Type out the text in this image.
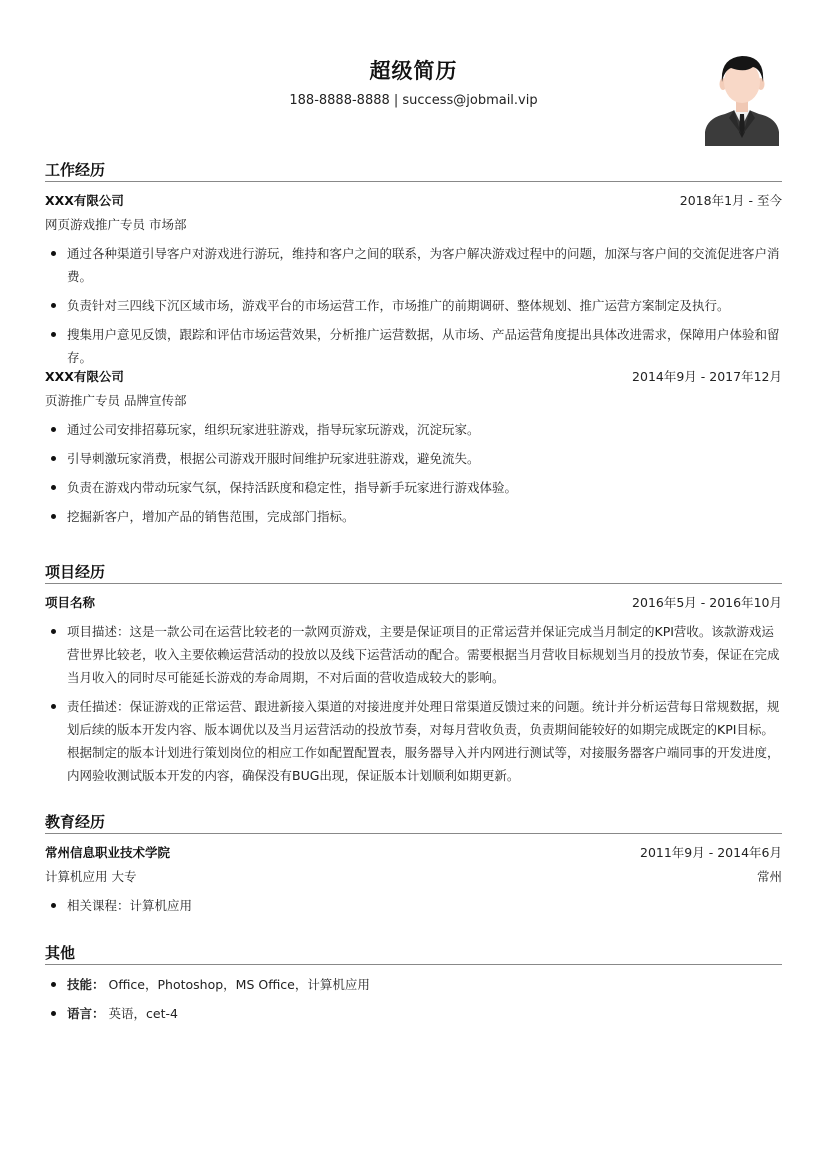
超级简历
188-8888-8888 | success@jobmail.vip
工作经历
XXX有限公司	2018年1月 - 至今
网页游戏推广专员 市场部
通过各种渠道引导客户对游戏进行游玩，维持和客户之间的联系，为客户解决游戏过程中的问题，加深与客户间的交流促进客户消费。
负责针对三四线下沉区域市场，游戏平台的市场运营工作，市场推广的前期调研、整体规划、推广运营方案制定及执行。
搜集用户意见反馈，跟踪和评估市场运营效果，分析推广运营数据，从市场、产品运营角度提出具体改进需求，保障用户体验和留存。
XXX有限公司	2014年9月 - 2017年12月
页游推广专员 品牌宣传部
通过公司安排招募玩家，组织玩家进驻游戏，指导玩家玩游戏，沉淀玩家。
引导刺激玩家消费，根据公司游戏开服时间维护玩家进驻游戏，避免流失。
负责在游戏内带动玩家气氛，保持活跃度和稳定性，指导新手玩家进行游戏体验。
挖掘新客户，增加产品的销售范围，完成部门指标。
项目经历
项目名称	2016年5月 - 2016年10月
项目描述：这是一款公司在运营比较老的一款网页游戏，主要是保证项目的正常运营并保证完成当月制定的KPI营收。该款游戏运营世界比较老，收入主要依赖运营活动的投放以及线下运营活动的配合。需要根据当月营收目标规划当月的投放节奏，保证在完成当月收入的同时尽可能延长游戏的寿命周期，不对后面的营收造成较大的影响。
责任描述：保证游戏的正常运营、跟进新接入渠道的对接进度并处理日常渠道反馈过来的问题。统计并分析运营每日常规数据，规划后续的版本开发内容、版本调优以及当月运营活动的投放节奏，对每月营收负责，负责期间能较好的如期完成既定的KPI目标。根据制定的版本计划进行策划岗位的相应工作如配置配置表，服务器导入并内网进行测试等，对接服务器客户端同事的开发进度，内网验收测试版本开发的内容，确保没有BUG出现，保证版本计划顺利如期更新。
教育经历
常州信息职业技术学院	2011年9月 - 2014年6月
计算机应用 大专	常州
相关课程：计算机应用
其他
技能： Office，Photoshop，MS Office，计算机应用
语言： 英语，cet-4
